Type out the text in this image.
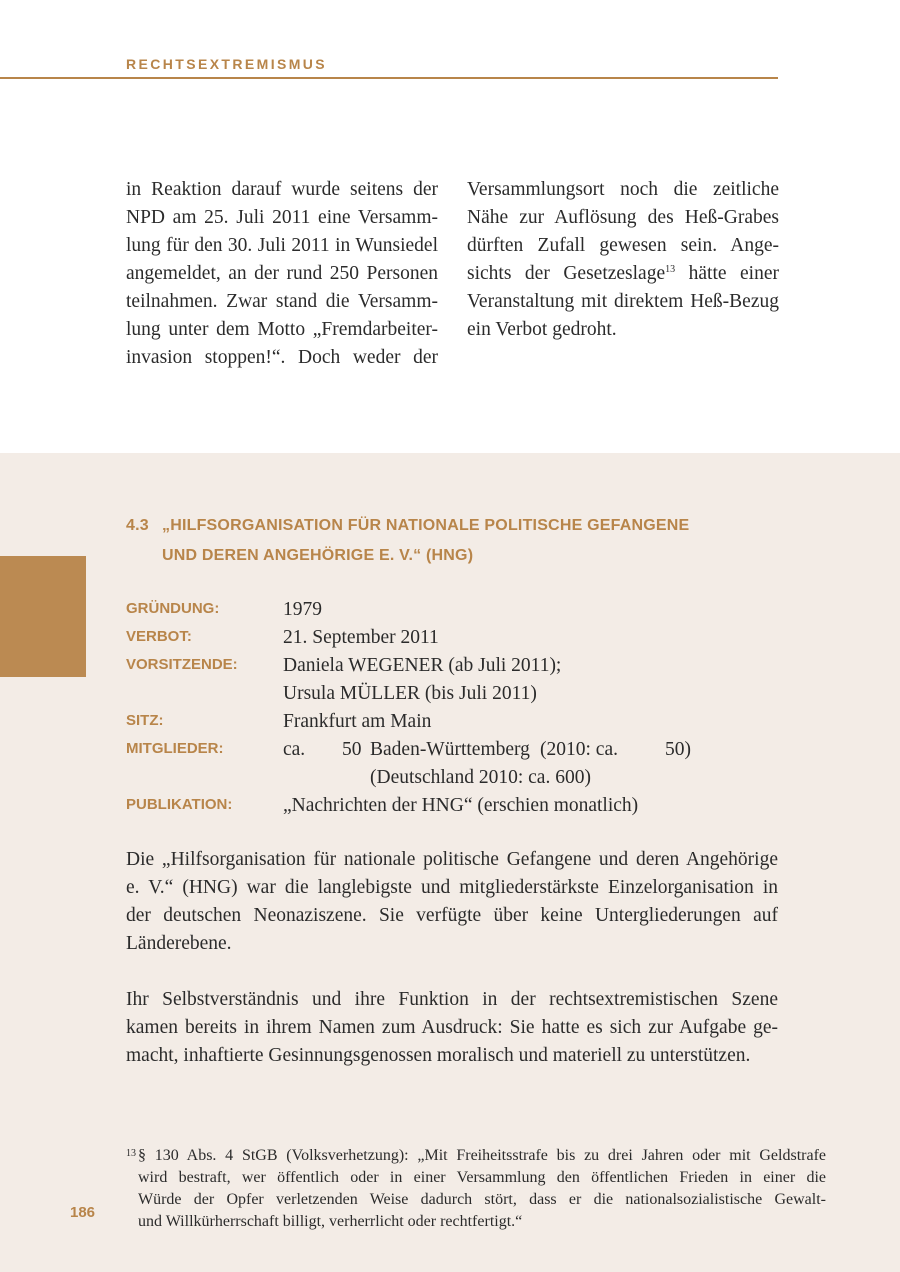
RECHTSEXTREMISMUS
in Reaktion darauf wurde seitens der
NPD am 25. Juli 2011 eine Versamm-
lung für den 30. Juli 2011 in Wunsiedel
angemeldet, an der rund 250 Personen
teilnahmen. Zwar stand die Versamm-
lung unter dem Motto „Fremdarbeiter-
invasion stoppen!“. Doch weder der
Versammlungsort noch die zeitliche
Nähe zur Auflösung des Heß-Grabes
dürften Zufall gewesen sein. Ange-
sichts der Gesetzeslage$^{13}$ hätte einer
Veranstaltung mit direktem Heß-Bezug
ein Verbot gedroht.
4.3 „HILFSORGANISATION FÜR NATIONALE POLITISCHE GEFANGENE
UND DEREN ANGEHÖRIGE E. V.“ (HNG)
GRÜNDUNG:	1979
VERBOT:	21. September 2011
VORSITZENDE: Daniela WEGENER (ab Juli 2011);
Ursula MÜLLER (bis Juli 2011)
SITZ:	Frankfurt am Main
MITGLIEDER:	ca. 50 Baden-Württemberg (2010: ca. 50)
(Deutschland 2010: ca. 600)
PUBLIKATION:	„Nachrichten der HNG“ (erschien monatlich)
Die „Hilfsorganisation für nationale politische Gefangene und deren Angehörige
e. V.“ (HNG) war die langlebigste und mitgliederstärkste Einzelorganisation in
der deutschen Neonaziszene. Sie verfügte über keine Untergliederungen auf
Länderebene.
Ihr Selbstverständnis und ihre Funktion in der rechtsextremistischen Szene
kamen bereits in ihrem Namen zum Ausdruck: Sie hatte es sich zur Aufgabe ge-
macht, inhaftierte Gesinnungsgenossen moralisch und materiell zu unterstützen.
13 § 130 Abs. 4 StGB (Volksverhetzung): „Mit Freiheitsstrafe bis zu drei Jahren oder mit Geldstrafe
wird bestraft, wer öffentlich oder in einer Versammlung den öffentlichen Frieden in einer die
Würde der Opfer verletzenden Weise dadurch stört, dass er die nationalsozialistische Gewalt-
und Willkürherrschaft billigt, verherrlicht oder rechtfertigt.“
186
